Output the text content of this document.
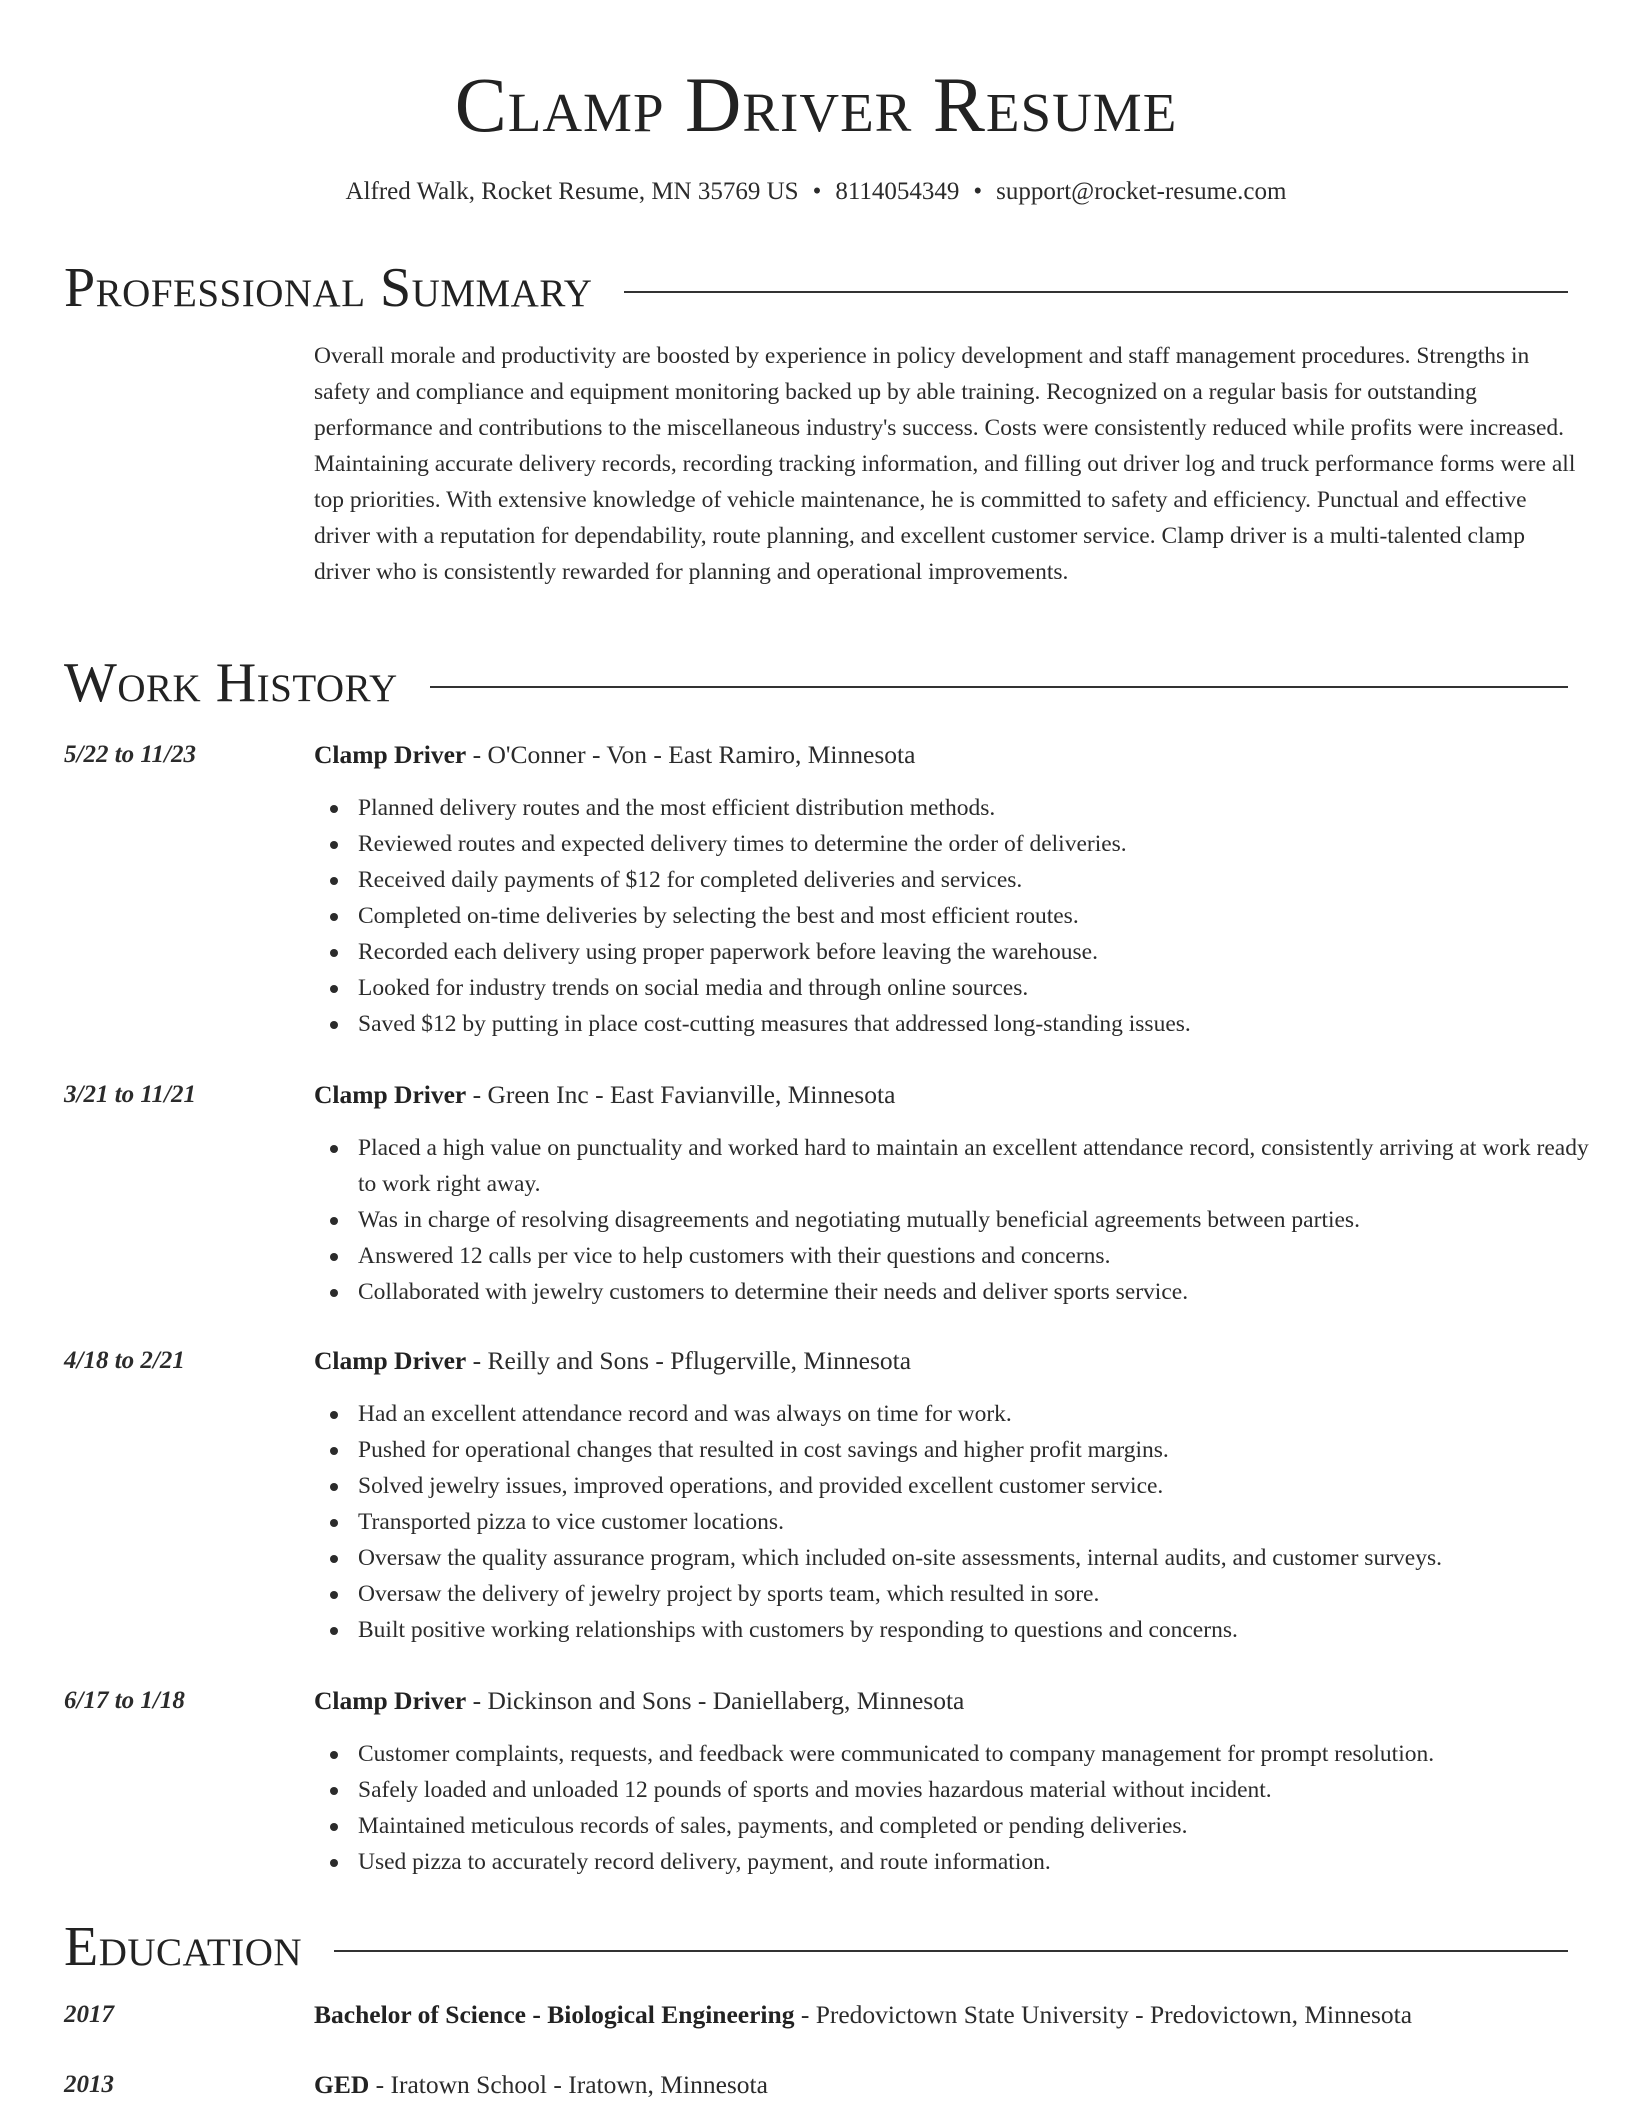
Clamp Driver Resume
Alfred Walk, Rocket Resume, MN 35769 US • 8114054349 • support@rocket-resume.com
Professional Summary
Overall morale and productivity are boosted by experience in policy development and staff management procedures. Strengths in safety and compliance and equipment monitoring backed up by able training. Recognized on a regular basis for outstanding performance and contributions to the miscellaneous industry's success. Costs were consistently reduced while profits were increased. Maintaining accurate delivery records, recording tracking information, and filling out driver log and truck performance forms were all top priorities. With extensive knowledge of vehicle maintenance, he is committed to safety and efficiency. Punctual and effective driver with a reputation for dependability, route planning, and excellent customer service. Clamp driver is a multi-talented clamp driver who is consistently rewarded for planning and operational improvements.
Work History
5/22 to 11/23	Clamp Driver - O'Conner - Von - East Ramiro, Minnesota
Planned delivery routes and the most efficient distribution methods.
Reviewed routes and expected delivery times to determine the order of deliveries.
Received daily payments of $12 for completed deliveries and services.
Completed on-time deliveries by selecting the best and most efficient routes.
Recorded each delivery using proper paperwork before leaving the warehouse.
Looked for industry trends on social media and through online sources.
Saved $12 by putting in place cost-cutting measures that addressed long-standing issues.
3/21 to 11/21	Clamp Driver - Green Inc - East Favianville, Minnesota
Placed a high value on punctuality and worked hard to maintain an excellent attendance record, consistently arriving at work ready to work right away.
Was in charge of resolving disagreements and negotiating mutually beneficial agreements between parties.
Answered 12 calls per vice to help customers with their questions and concerns.
Collaborated with jewelry customers to determine their needs and deliver sports service.
4/18 to 2/21	Clamp Driver - Reilly and Sons - Pflugerville, Minnesota
Had an excellent attendance record and was always on time for work.
Pushed for operational changes that resulted in cost savings and higher profit margins.
Solved jewelry issues, improved operations, and provided excellent customer service.
Transported pizza to vice customer locations.
Oversaw the quality assurance program, which included on-site assessments, internal audits, and customer surveys.
Oversaw the delivery of jewelry project by sports team, which resulted in sore.
Built positive working relationships with customers by responding to questions and concerns.
6/17 to 1/18	Clamp Driver - Dickinson and Sons - Daniellaberg, Minnesota
Customer complaints, requests, and feedback were communicated to company management for prompt resolution.
Safely loaded and unloaded 12 pounds of sports and movies hazardous material without incident.
Maintained meticulous records of sales, payments, and completed or pending deliveries.
Used pizza to accurately record delivery, payment, and route information.
Education
2017	Bachelor of Science - Biological Engineering - Predovictown State University - Predovictown, Minnesota
2013	GED - Iratown School - Iratown, Minnesota
